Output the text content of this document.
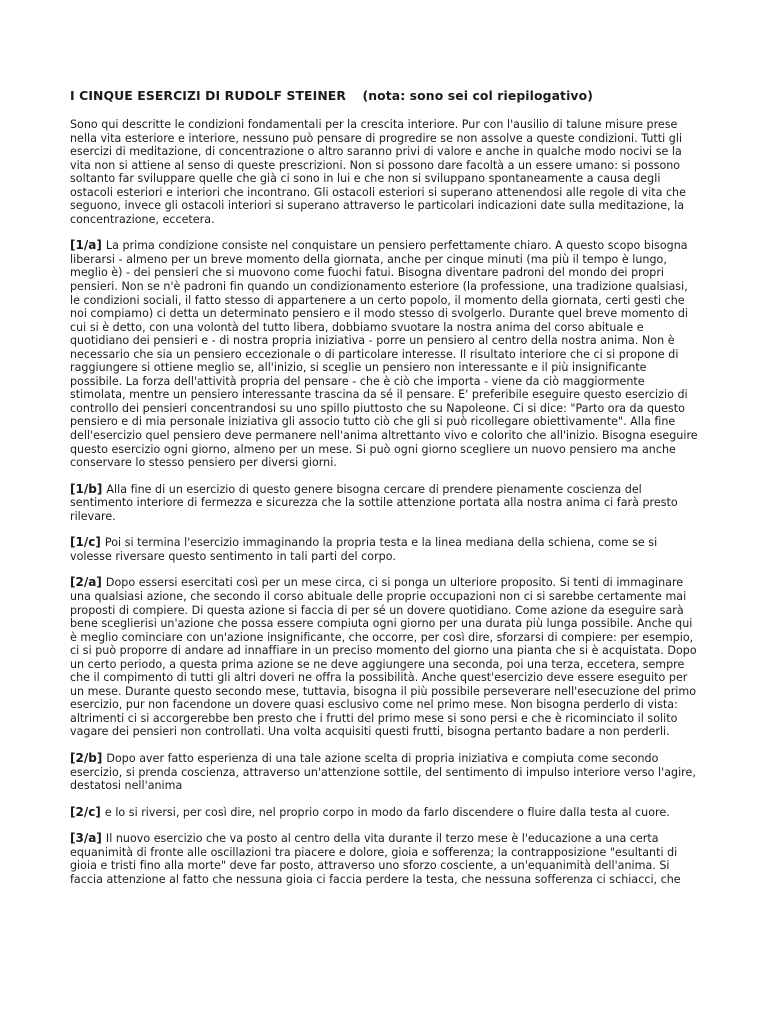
I CINQUE ESERCIZI DI RUDOLF STEINER (nota: sono sei col riepilogativo)

Sono qui descritte le condizioni fondamentali per la crescita interiore. Pur con l'ausilio di talune misure prese nella vita esteriore e interiore, nessuno può pensare di progredire se non assolve a queste condizioni. Tutti gli esercizi di meditazione, di concentrazione o altro saranno privi di valore e anche in qualche modo nocivi se la vita non si attiene al senso di queste prescrizioni. Non si possono dare facoltà a un essere umano: si possono soltanto far sviluppare quelle che già ci sono in lui e che non si sviluppano spontaneamente a causa degli ostacoli esteriori e interiori che incontrano. Gli ostacoli esteriori si superano attenendosi alle regole di vita che seguono, invece gli ostacoli interiori si superano attraverso le particolari indicazioni date sulla meditazione, la concentrazione, eccetera.

[1/a] La prima condizione consiste nel conquistare un pensiero perfettamente chiaro. A questo scopo bisogna liberarsi - almeno per un breve momento della giornata, anche per cinque minuti (ma più il tempo è lungo, meglio è) - dei pensieri che si muovono come fuochi fatui. Bisogna diventare padroni del mondo dei propri pensieri. Non se n'è padroni fin quando un condizionamento esteriore (la professione, una tradizione qualsiasi, le condizioni sociali, il fatto stesso di appartenere a un certo popolo, il momento della giornata, certi gesti che noi compiamo) ci detta un determinato pensiero e il modo stesso di svolgerlo. Durante quel breve momento di cui si è detto, con una volontà del tutto libera, dobbiamo svuotare la nostra anima del corso abituale e quotidiano dei pensieri e - di nostra propria iniziativa - porre un pensiero al centro della nostra anima. Non è necessario che sia un pensiero eccezionale o di particolare interesse. Il risultato interiore che ci si propone di raggiungere si ottiene meglio se, all'inizio, si sceglie un pensiero non interessante e il più insignificante possibile. La forza dell'attività propria del pensare - che è ciò che importa - viene da ciò maggiormente stimolata, mentre un pensiero interessante trascina da sé il pensare. E' preferibile eseguire questo esercizio di controllo dei pensieri concentrandosi su uno spillo piuttosto che su Napoleone. Ci si dice: "Parto ora da questo pensiero e di mia personale iniziativa gli associo tutto ciò che gli si può ricollegare obiettivamente". Alla fine dell'esercizio quel pensiero deve permanere nell'anima altrettanto vivo e colorito che all'inizio. Bisogna eseguire questo esercizio ogni giorno, almeno per un mese. Si può ogni giorno scegliere un nuovo pensiero ma anche conservare lo stesso pensiero per diversi giorni.

[1/b] Alla fine di un esercizio di questo genere bisogna cercare di prendere pienamente coscienza del sentimento interiore di fermezza e sicurezza che la sottile attenzione portata alla nostra anima ci farà presto rilevare.

[1/c] Poi si termina l'esercizio immaginando la propria testa e la linea mediana della schiena, come se si volesse riversare questo sentimento in tali parti del corpo.

[2/a] Dopo essersi esercitati così per un mese circa, ci si ponga un ulteriore proposito. Si tenti di immaginare una qualsiasi azione, che secondo il corso abituale delle proprie occupazioni non ci si sarebbe certamente mai proposti di compiere. Di questa azione si faccia di per sé un dovere quotidiano. Come azione da eseguire sarà bene sceglierisi un'azione che possa essere compiuta ogni giorno per una durata più lunga possibile. Anche qui è meglio cominciare con un'azione insignificante, che occorre, per così dire, sforzarsi di compiere: per esempio, ci si può proporre di andare ad innaffiare in un preciso momento del giorno una pianta che si è acquistata. Dopo un certo periodo, a questa prima azione se ne deve aggiungere una seconda, poi una terza, eccetera, sempre che il compimento di tutti gli altri doveri ne offra la possibilità. Anche quest'esercizio deve essere eseguito per un mese. Durante questo secondo mese, tuttavia, bisogna il più possibile perseverare nell'esecuzione del primo esercizio, pur non facendone un dovere quasi esclusivo come nel primo mese. Non bisogna perderlo di vista: altrimenti ci si accorgerebbe ben presto che i frutti del primo mese si sono persi e che è ricominciato il solito vagare dei pensieri non controllati. Una volta acquisiti questi frutti, bisogna pertanto badare a non perderli.

[2/b] Dopo aver fatto esperienza di una tale azione scelta di propria iniziativa e compiuta come secondo esercizio, si prenda coscienza, attraverso un'attenzione sottile, del sentimento di impulso interiore verso l'agire, destatosi nell'anima

[2/c] e lo si riversi, per così dire, nel proprio corpo in modo da farlo discendere o fluire dalla testa al cuore.

[3/a] Il nuovo esercizio che va posto al centro della vita durante il terzo mese è l'educazione a una certa equanimità di fronte alle oscillazioni tra piacere e dolore, gioia e sofferenza; la contrapposizione "esultanti di gioia e tristi fino alla morte" deve far posto, attraverso uno sforzo cosciente, a un'equanimità dell'anima. Si faccia attenzione al fatto che nessuna gioia ci faccia perdere la testa, che nessuna sofferenza ci schiacci, che
